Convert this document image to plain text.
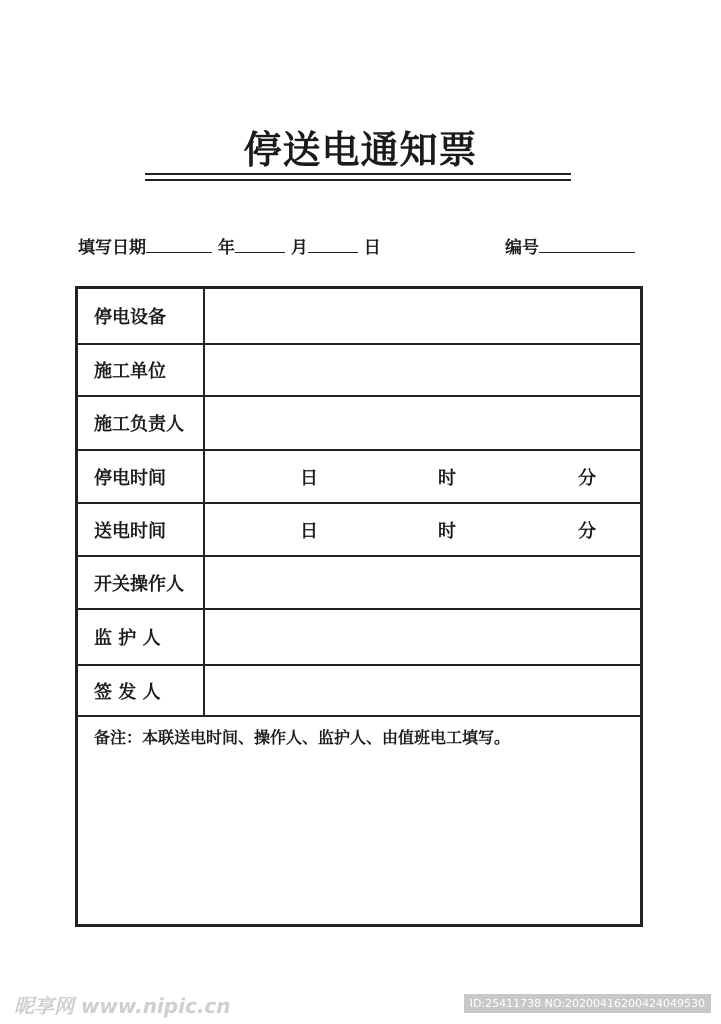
停送电通知票
填写日期	年	月	日	编号
停电设备
施工单位
施工负责人
停电时间	日	时	分
送电时间	日	时	分
开关操作人
监 护 人
签 发 人
备注：本联送电时间、操作人、监护人、由值班电工填写。
昵享网 www.nipic.cn	ID:25411738 NO:20200416200424049530
